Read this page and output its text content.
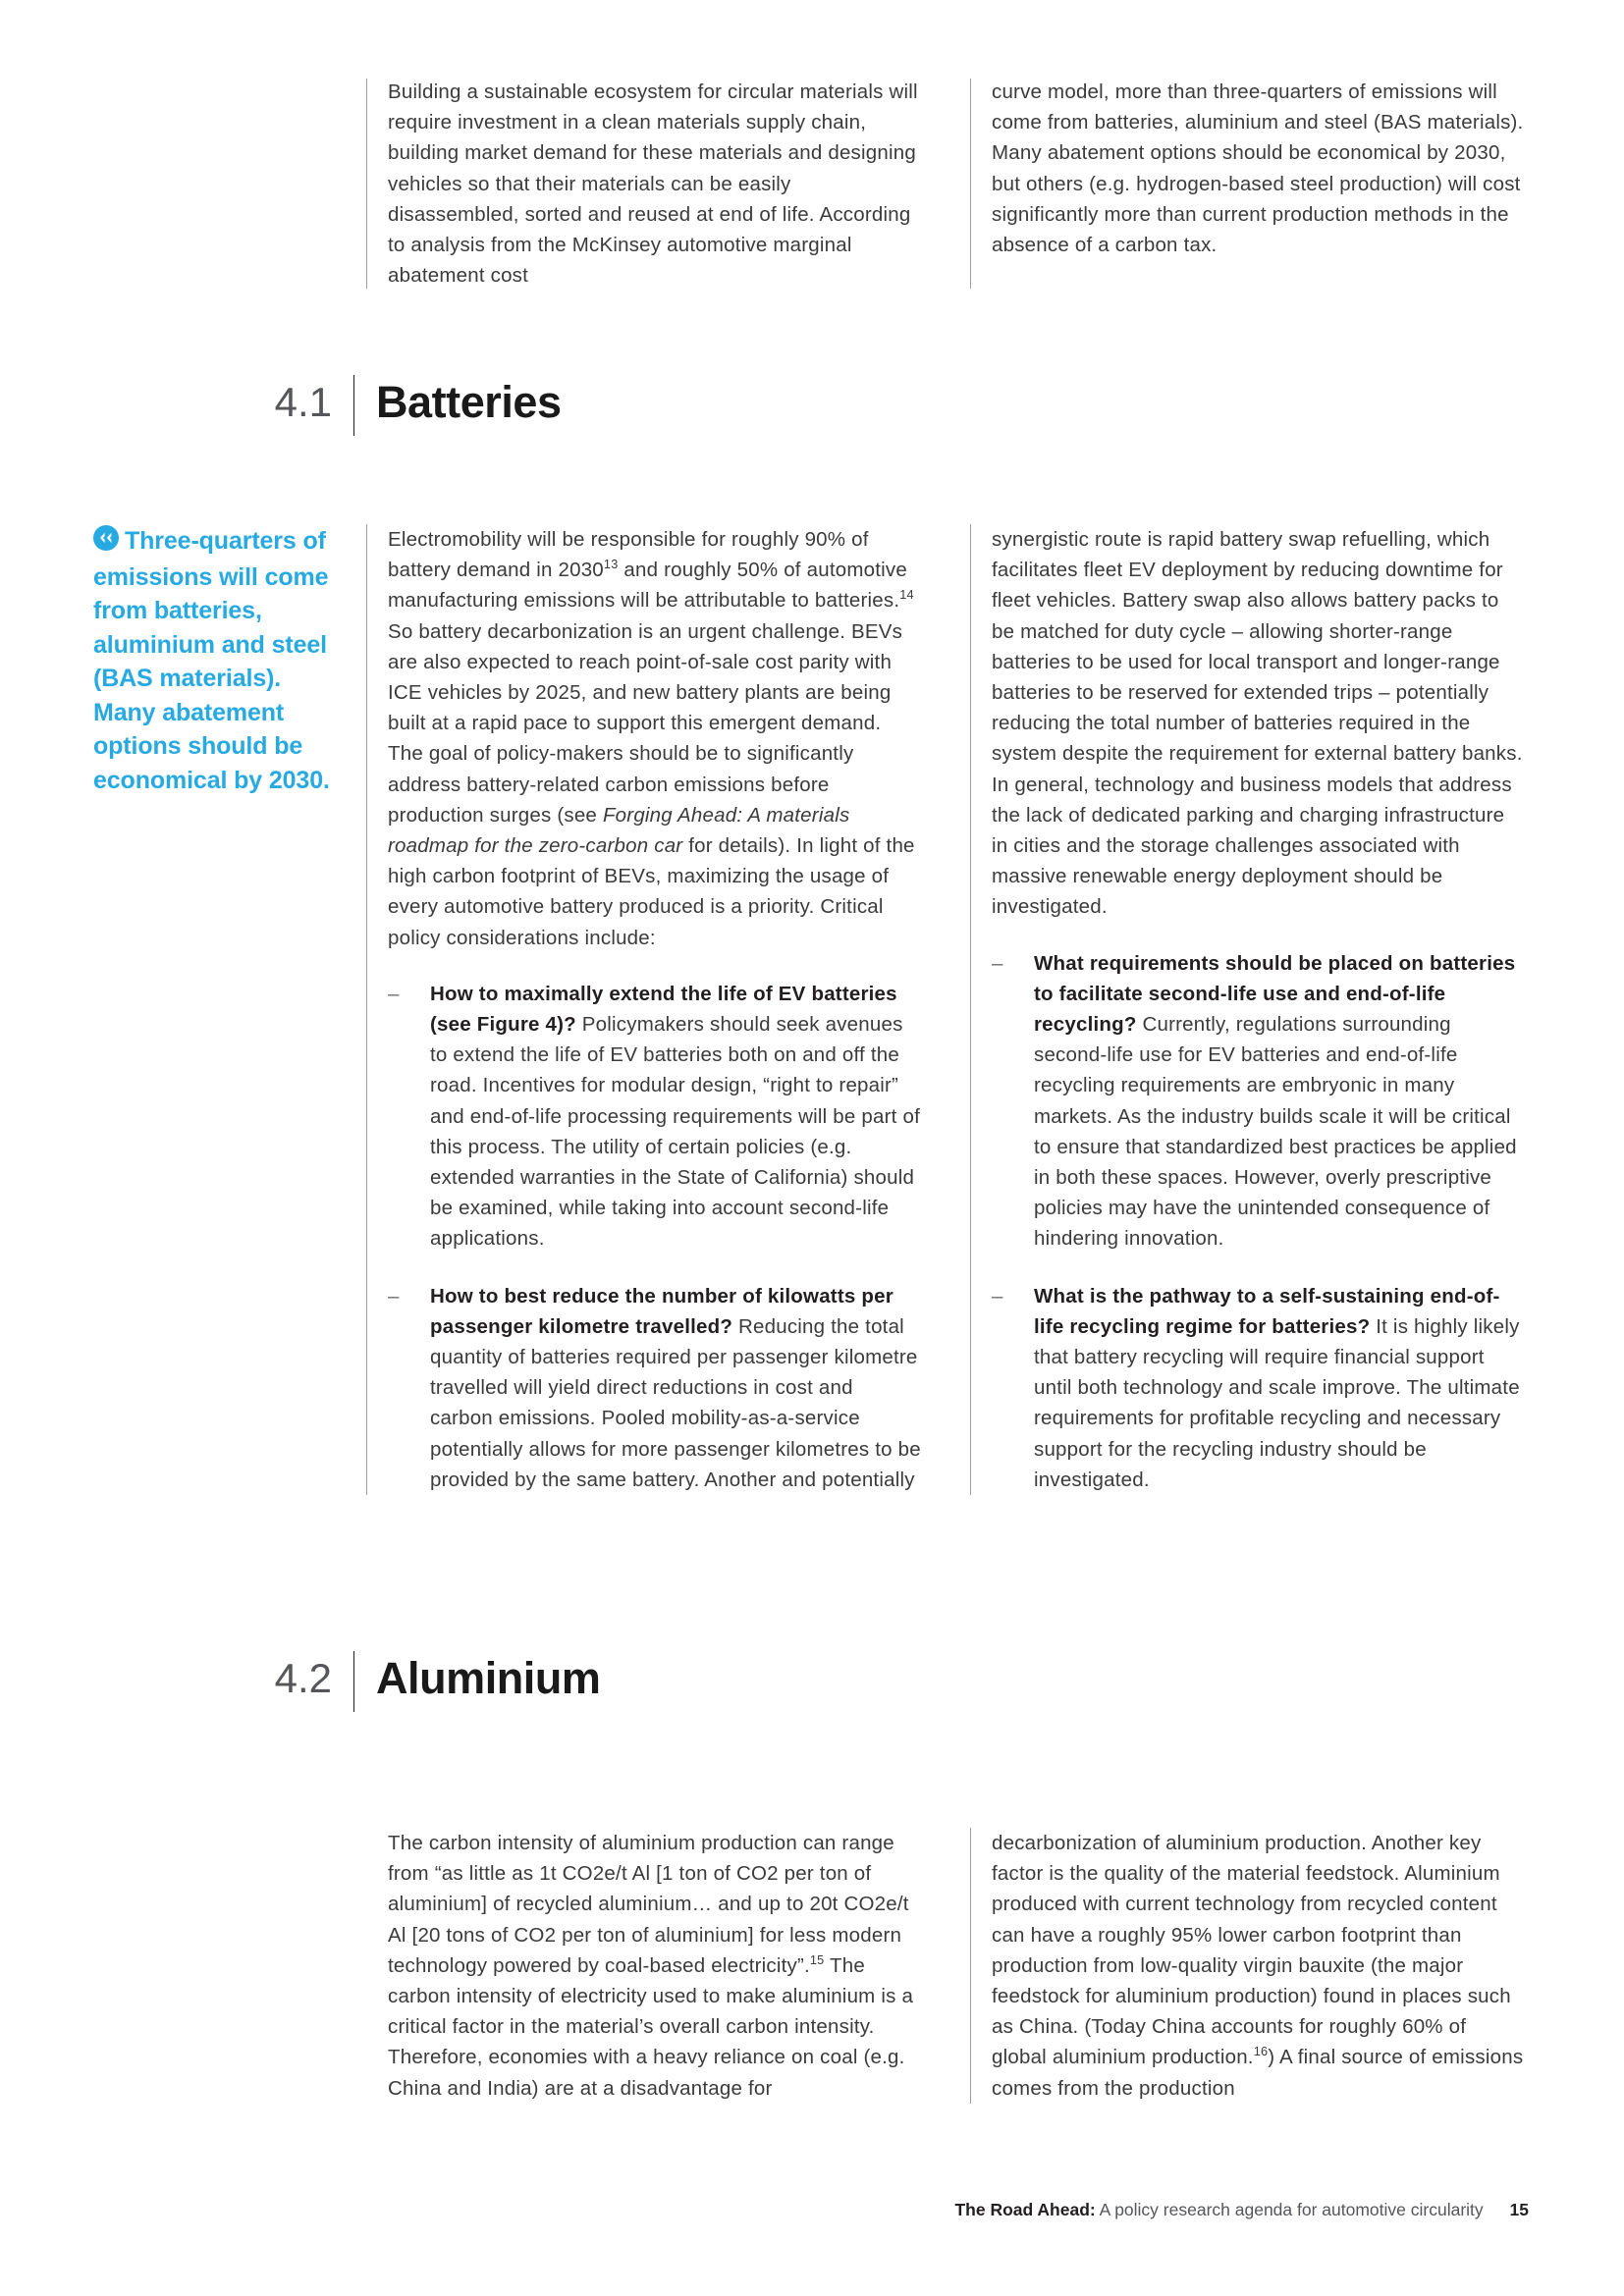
Building a sustainable ecosystem for circular materials will require investment in a clean materials supply chain, building market demand for these materials and designing vehicles so that their materials can be easily disassembled, sorted and reused at end of life. According to analysis from the McKinsey automotive marginal abatement cost

curve model, more than three-quarters of emissions will come from batteries, aluminium and steel (BAS materials). Many abatement options should be economical by 2030, but others (e.g. hydrogen-based steel production) will cost significantly more than current production methods in the absence of a carbon tax.

4.1	Batteries
Three-quarters of emissions will come from batteries, aluminium and steel (BAS materials). Many abatement options should be economical by 2030.

Electromobility will be responsible for roughly 90% of battery demand in 2030$^{13}$ and roughly 50% of automotive manufacturing emissions will be attributable to batteries.$^{14}$ So battery decarbonization is an urgent challenge. BEVs are also expected to reach point-of-sale cost parity with ICE vehicles by 2025, and new battery plants are being built at a rapid pace to support this emergent demand. The goal of policy-makers should be to significantly address battery-related carbon emissions before production surges (see Forging Ahead: A materials roadmap for the zero-carbon car for details). In light of the high carbon footprint of BEVs, maximizing the usage of every automotive battery produced is a priority. Critical policy considerations include:

– How to maximally extend the life of EV batteries (see Figure 4)? Policymakers should seek avenues to extend the life of EV batteries both on and off the road. Incentives for modular design, “right to repair” and end-of-life processing requirements will be part of this process. The utility of certain policies (e.g. extended warranties in the State of California) should be examined, while taking into account second-life applications.

– How to best reduce the number of kilowatts per passenger kilometre travelled? Reducing the total quantity of batteries required per passenger kilometre travelled will yield direct reductions in cost and carbon emissions. Pooled mobility-as-a-service potentially allows for more passenger kilometres to be provided by the same battery. Another and potentially

synergistic route is rapid battery swap refuelling, which facilitates fleet EV deployment by reducing downtime for fleet vehicles. Battery swap also allows battery packs to be matched for duty cycle – allowing shorter-range batteries to be used for local transport and longer-range batteries to be reserved for extended trips – potentially reducing the total number of batteries required in the system despite the requirement for external battery banks. In general, technology and business models that address the lack of dedicated parking and charging infrastructure in cities and the storage challenges associated with massive renewable energy deployment should be investigated.

– What requirements should be placed on batteries to facilitate second-life use and end-of-life recycling? Currently, regulations surrounding second-life use for EV batteries and end-of-life recycling requirements are embryonic in many markets. As the industry builds scale it will be critical to ensure that standardized best practices be applied in both these spaces. However, overly prescriptive policies may have the unintended consequence of hindering innovation.

– What is the pathway to a self-sustaining end-of-life recycling regime for batteries? It is highly likely that battery recycling will require financial support until both technology and scale improve. The ultimate requirements for profitable recycling and necessary support for the recycling industry should be investigated.

4.2	Aluminium

The carbon intensity of aluminium production can range from “as little as 1t CO2e/t Al [1 ton of CO2 per ton of aluminium] of recycled aluminium… and up to 20t CO2e/t Al [20 tons of CO2 per ton of aluminium] for less modern technology powered by coal-based electricity”.$^{15}$ The carbon intensity of electricity used to make aluminium is a critical factor in the material’s overall carbon intensity. Therefore, economies with a heavy reliance on coal (e.g. China and India) are at a disadvantage for

decarbonization of aluminium production. Another key factor is the quality of the material feedstock. Aluminium produced with current technology from recycled content can have a roughly 95% lower carbon footprint than production from low-quality virgin bauxite (the major feedstock for aluminium production) found in places such as China. (Today China accounts for roughly 60% of global aluminium production.$^{16}$) A final source of emissions comes from the production

The Road Ahead: A policy research agenda for automotive circularity 15
